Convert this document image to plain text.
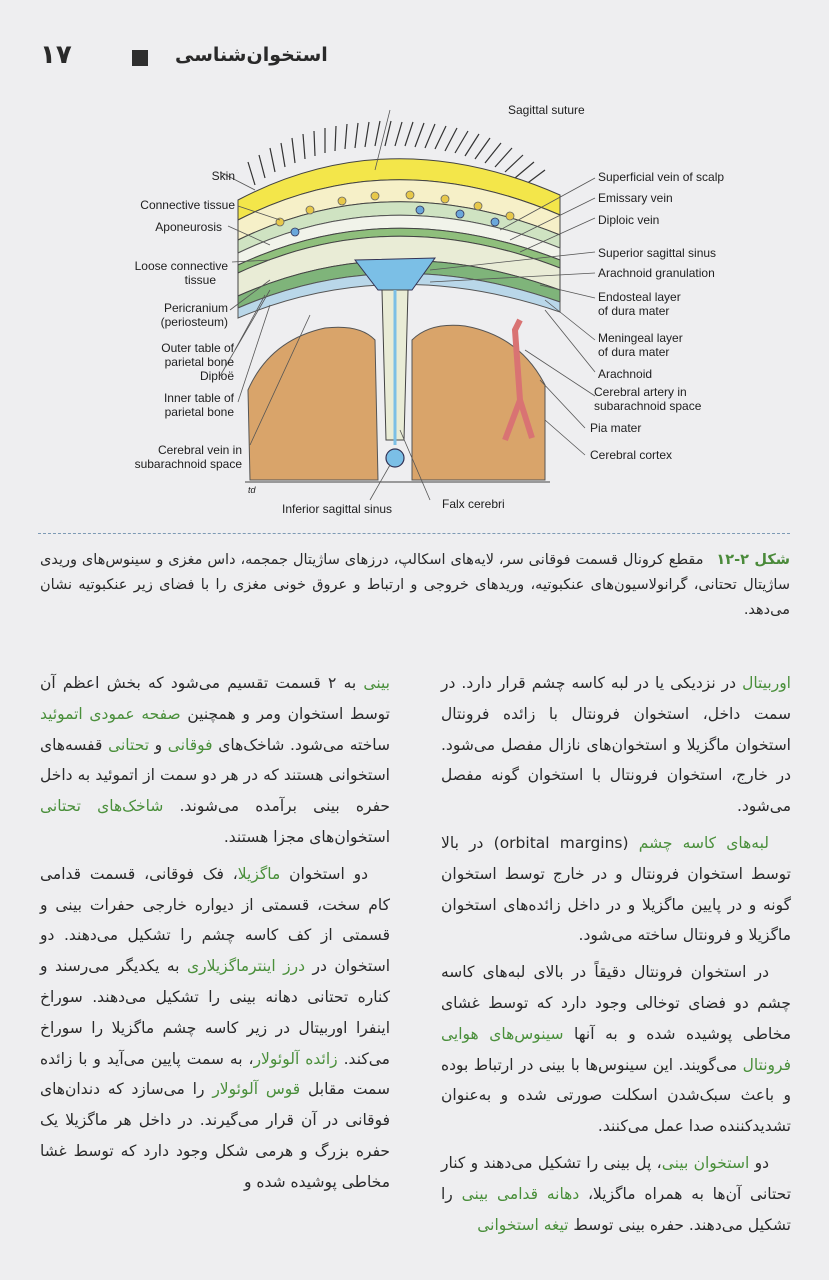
۱۷	استخوان‌شناسی
Skin
Connective tissue
Aponeurosis
Loose connective
tissue
Pericranium
(periosteum)
Outer table of
parietal bone
Diploë
Inner table of
parietal bone
Cerebral vein in
subarachnoid space
Sagittal suture
Inferior sagittal sinus	Falx cerebri
td
Superficial vein of scalp
Emissary vein
Diploic vein
Superior sagittal sinus
Arachnoid granulation
Endosteal layer
of dura mater
Meningeal layer
of dura mater
Arachnoid
Cerebral artery in
subarachnoid space
Pia mater
Cerebral cortex
شکل ۲-۱۲ مقطع کرونال قسمت فوقانی سر، لایه‌های اسکالپ، درزهای ساژیتال جمجمه، داس مغزی و سینوس‌های وریدی ساژیتال تحتانی، گرانولاسیون‌های عنکبوتیه، وریدهای خروجی و ارتباط و عروق خونی مغزی را با فضای زیر عنکبوتیه نشان می‌دهد.

اوربیتال در نزدیکی یا در لبه کاسه چشم قرار دارد. در سمت داخل، استخوان فرونتال با زائده فرونتال استخوان ماگزیلا و استخوان‌های نازال مفصل می‌شود. در خارج، استخوان فرونتال با استخوان گونه مفصل می‌شود.

لبه‌های کاسه چشم (orbital margins) در بالا توسط استخوان فرونتال و در خارج توسط استخوان گونه و در پایین ماگزیلا و در داخل زائده‌های استخوان ماگزیلا و فرونتال ساخته می‌شود.

در استخوان فرونتال دقیقاً در بالای لبه‌های کاسه چشم دو فضای توخالی وجود دارد که توسط غشای مخاطی پوشیده شده و به آنها سینوس‌های هوایی فرونتال می‌گویند. این سینوس‌ها با بینی در ارتباط بوده و باعث سبک‌شدن اسکلت صورتی شده و به‌عنوان تشدیدکننده صدا عمل می‌کنند.

دو استخوان بینی، پل بینی را تشکیل می‌دهند و کنار تحتانی آن‌ها به همراه ماگزیلا، دهانه قدامی بینی را تشکیل می‌دهند. حفره بینی توسط تیغه استخوانی

بینی به ۲ قسمت تقسیم می‌شود که بخش اعظم آن توسط استخوان ومر و همچنین صفحه عمودی اتموئید ساخته می‌شود. شاخک‌های فوقانی و تحتانی قفسه‌های استخوانی هستند که در هر دو سمت از اتموئید به داخل حفره بینی برآمده می‌شوند. شاخک‌های تحتانی استخوان‌های مجزا هستند.

دو استخوان ماگزیلا، فک فوقانی، قسمت قدامی کام سخت، قسمتی از دیواره خارجی حفرات بینی و قسمتی از کف کاسه چشم را تشکیل می‌دهند. دو استخوان در درز اینترماگزیلاری به یکدیگر می‌رسند و کناره تحتانی دهانه بینی را تشکیل می‌دهند. سوراخ اینفرا اوربیتال در زیر کاسه چشم ماگزیلا را سوراخ می‌کند. زائده آلوئولار، به سمت پایین می‌آید و با زائده سمت مقابل قوس آلوئولار را می‌سازد که دندان‌های فوقانی در آن قرار می‌گیرند. در داخل هر ماگزیلا یک حفره بزرگ و هرمی شکل وجود دارد که توسط غشا مخاطی پوشیده شده و
